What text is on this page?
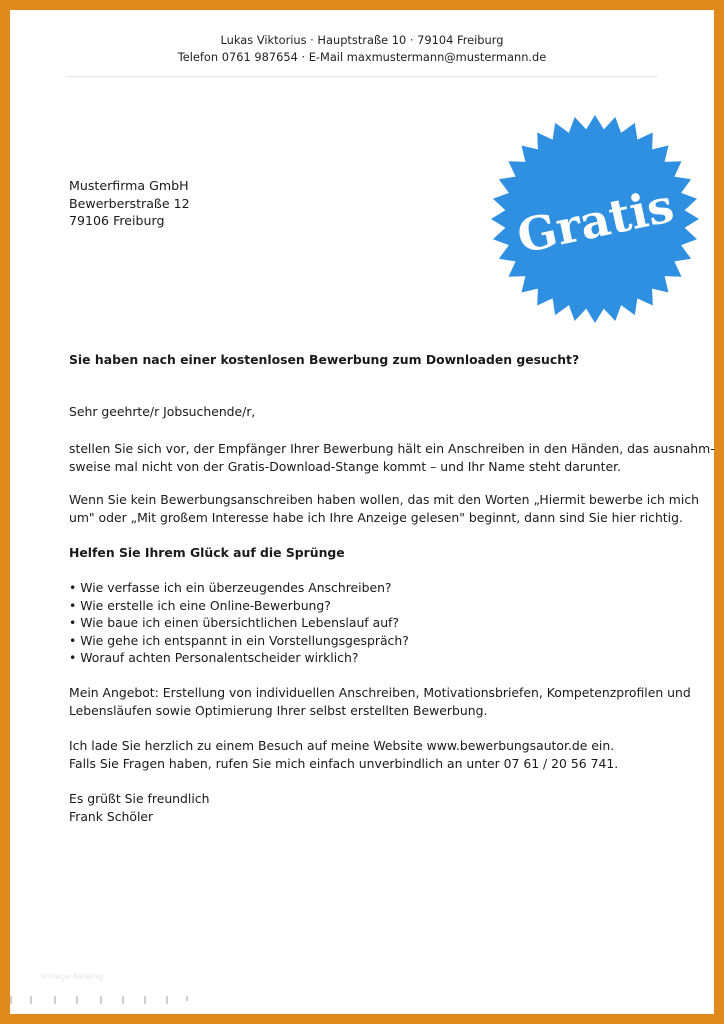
Lukas Viktorius · Hauptstraße 10 · 79104 Freiburg
Telefon 0761 987654 · E-Mail maxmustermann@mustermann.de
Musterfirma GmbH
Bewerberstraße 12
79106 Freiburg	Gratis
Sie haben nach einer kostenlosen Bewerbung zum Downloaden gesucht?
Sehr geehrte/r Jobsuchende/r,
stellen Sie sich vor, der Empfänger Ihrer Bewerbung hält ein Anschreiben in den Händen, das ausnahm-
sweise mal nicht von der Gratis-Download-Stange kommt – und Ihr Name steht darunter.
Wenn Sie kein Bewerbungsanschreiben haben wollen, das mit den Worten „Hiermit bewerbe ich mich
um" oder „Mit großem Interesse habe ich Ihre Anzeige gelesen" beginnt, dann sind Sie hier richtig.
Helfen Sie Ihrem Glück auf die Sprünge
• Wie verfasse ich ein überzeugendes Anschreiben?
• Wie erstelle ich eine Online-Bewerbung?
• Wie baue ich einen übersichtlichen Lebenslauf auf?
• Wie gehe ich entspannt in ein Vorstellungsgespräch?
• Worauf achten Personalentscheider wirklich?
Mein Angebot: Erstellung von individuellen Anschreiben, Motivationsbriefen, Kompetenzprofilen und
Lebensläufen sowie Optimierung Ihrer selbst erstellten Bewerbung.
Ich lade Sie herzlich zu einem Besuch auf meine Website www.bewerbungsautor.de ein.
Falls Sie Fragen haben, rufen Sie mich einfach unverbindlich an unter 07 61 / 20 56 741.
Es grüßt Sie freundlich
Frank Schöler
Vorlage Katalog
